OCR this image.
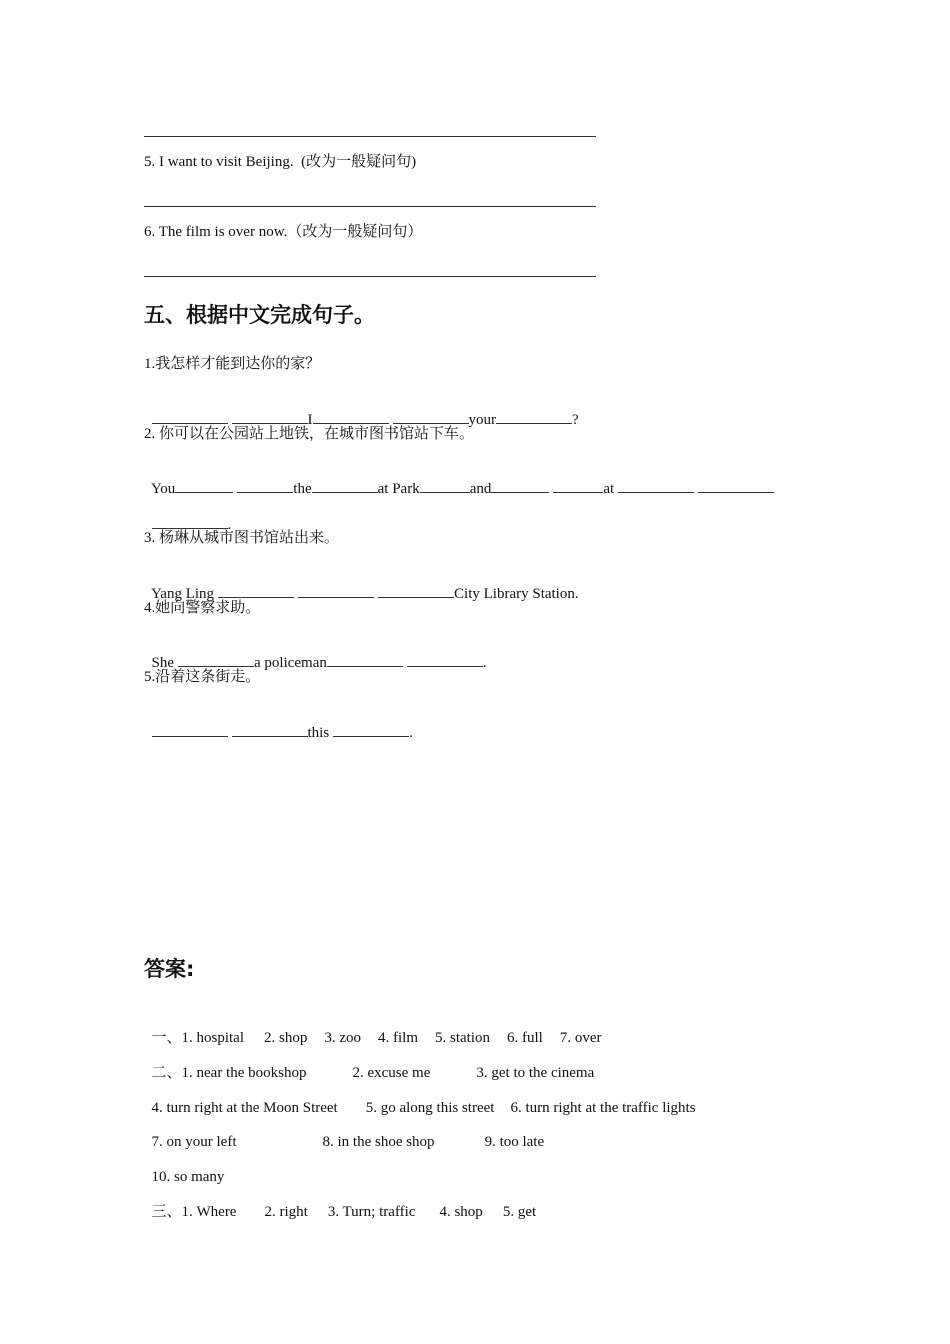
5. I want to visit Beijing.  (改为一般疑问句)
6. The film is over now.（改为一般疑问句）
五、根据中文完成句子。
1.我怎样才能到达你的家？

I	your	?

2. 你可以在公园站上地铁，在城市图书馆站下车。

You	the	at Park	and	at

.

3. 杨琳从城市图书馆站出来。

Yang Ling	City Library Station.

4.她向警察求助。

She	a policeman	.

5.沿着这条街走。

this	.

答案:

一、1. hospital 2. shop 3. zoo 4. film 5. station 6. full 7. over

二、1. near the bookshop	2. excuse me	3. get to the cinema

4. turn right at the Moon Street 5. go along this street 6. turn right at the traffic lights

7. on your left	8. in the shoe shop	9. too late

10. so many

三、1. Where 2. right 3. Turn; traffic 4. shop 5. get
